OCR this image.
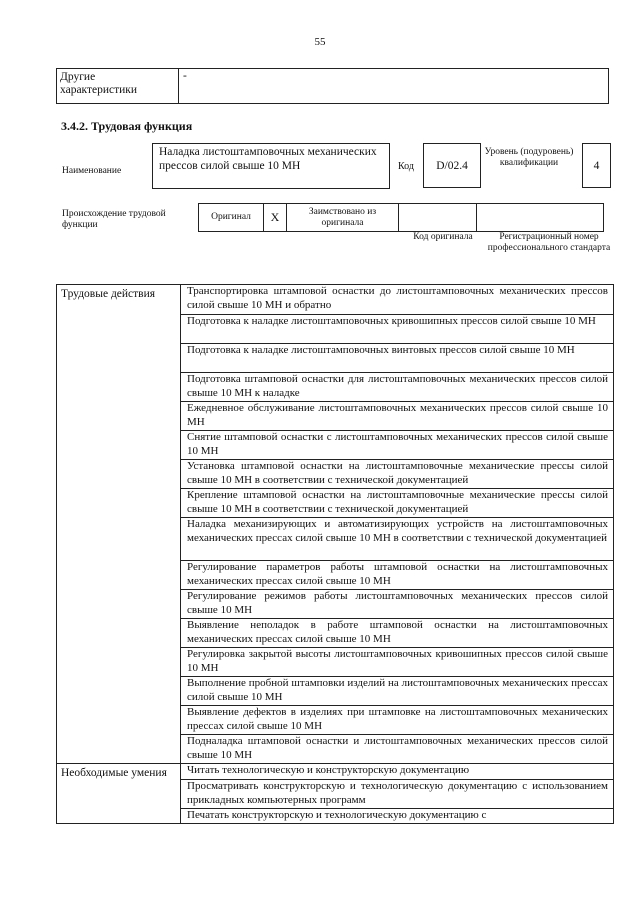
55
Другие характеристики	-
3.4.2. Трудовая функция
Наименование
Наладка листоштамповочных механических прессов силой свыше 10 МН	Код	D/02.4
Уровень (подуровень) квалификации	4
Происхождение трудовой функции
Оригинал	X	Заимствовано из оригинала		
Код оригинала	Регистрационный номер профессионального стандарта
Трудовые действия	Транспортировка штамповой оснастки до листоштамповочных механических прессов силой свыше 10 МН и обратно
	Подготовка к наладке листоштамповочных кривошипных прессов силой свыше 10 МН
	Подготовка к наладке листоштамповочных винтовых прессов силой свыше 10 МН
	Подготовка штамповой оснастки для листоштамповочных механических прессов силой свыше 10 МН к наладке
	Ежедневное обслуживание листоштамповочных механических прессов силой свыше 10 МН
	Снятие штамповой оснастки с листоштамповочных механических прессов силой свыше 10 МН
	Установка штамповой оснастки на листоштамповочные механические прессы силой свыше 10 МН в соответствии с технической документацией
	Крепление штамповой оснастки на листоштамповочные механические прессы силой свыше 10 МН в соответствии с технической документацией
	Наладка механизирующих и автоматизирующих устройств на листоштамповочных механических прессах силой свыше 10 МН в соответствии с технической документацией
	Регулирование параметров работы штамповой оснастки на листоштамповочных механических прессах силой свыше 10 МН
	Регулирование режимов работы листоштамповочных механических прессов силой свыше 10 МН
	Выявление неполадок в работе штамповой оснастки на листоштамповочных механических прессах силой свыше 10 МН
	Регулировка закрытой высоты листоштамповочных кривошипных прессов силой свыше 10 МН
	Выполнение пробной штамповки изделий на листоштамповочных механических прессах силой свыше 10 МН
	Выявление дефектов в изделиях при штамповке на листоштамповочных механических прессах силой свыше 10 МН
	Подналадка штамповой оснастки и листоштамповочных механических прессов силой свыше 10 МН
Необходимые умения	Читать технологическую и конструкторскую документацию
	Просматривать конструкторскую и технологическую документацию с использованием прикладных компьютерных программ
	Печатать конструкторскую и технологическую документацию с
